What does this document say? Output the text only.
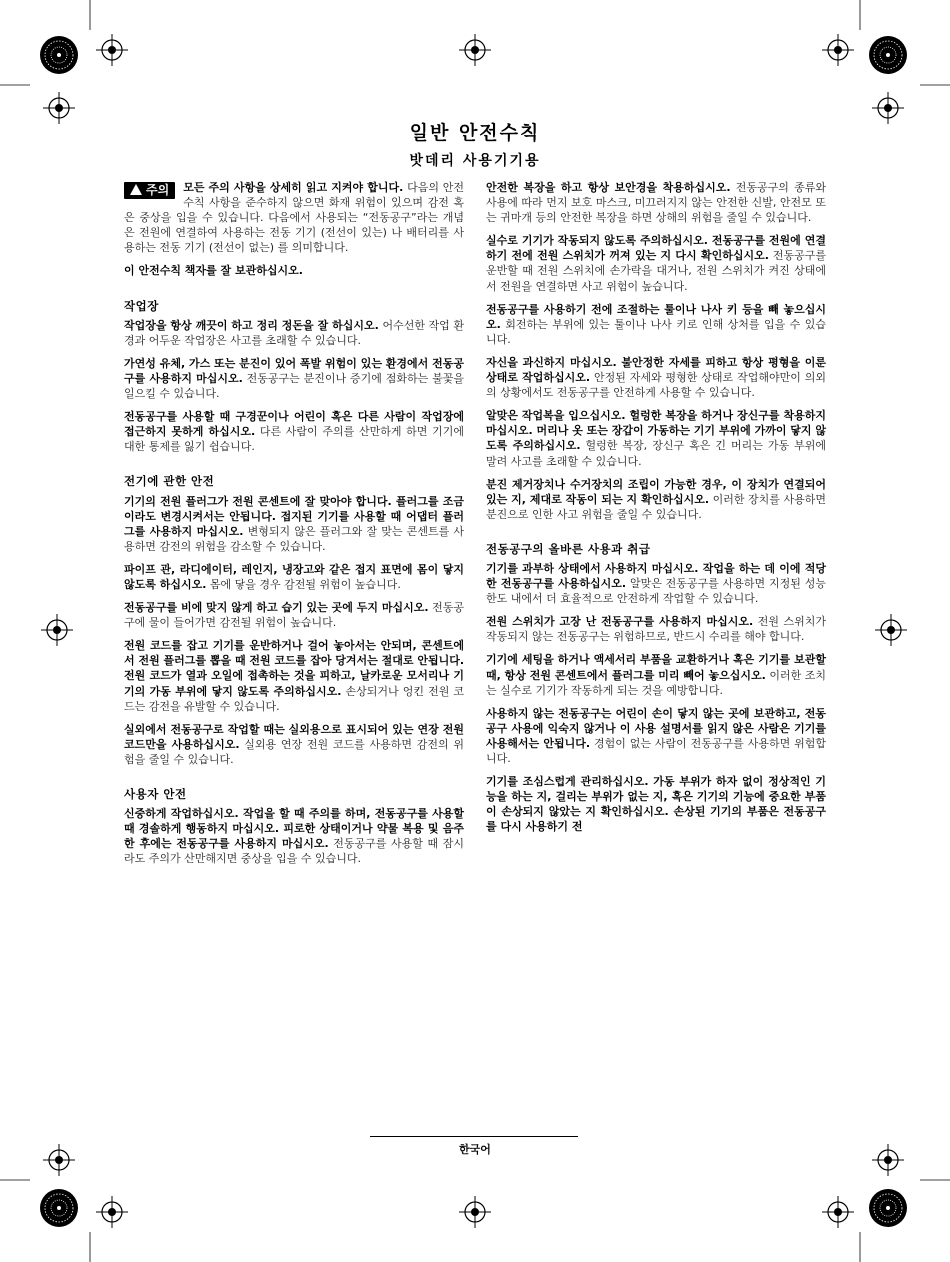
일반 안전수칙
밧데리 사용기기용

주의	모든 주의 사항을 상세히 읽고 지켜야 합니다. 다음의 안전수칙 사항을 준수하지 않으면 화재 위험이 있으며 감전 혹은 중상을 입을 수 있습니다. 다음에서 사용되는 “전동공구”라는 개념은 전원에 연결하여 사용하는 전동 기기 (전선이 있는) 나 배터리를 사용하는 전동 기기 (전선이 없는) 를 의미합니다.

이 안전수칙 책자를 잘 보관하십시오.

작업장

작업장을 항상 깨끗이 하고 정리 정돈을 잘 하십시오. 어수선한 작업 환경과 어두운 작업장은 사고를 초래할 수 있습니다.

가연성 유체, 가스 또는 분진이 있어 폭발 위험이 있는 환경에서 전동공구를 사용하지 마십시오. 전동공구는 분진이나 증기에 점화하는 불꽃을 일으킬 수 있습니다.

전동공구를 사용할 때 구경꾼이나 어린이 혹은 다른 사람이 작업장에 접근하지 못하게 하십시오. 다른 사람이 주의를 산만하게 하면 기기에 대한 통제를 잃기 쉽습니다.

전기에 관한 안전

기기의 전원 플러그가 전원 콘센트에 잘 맞아야 합니다. 플러그를 조금이라도 변경시켜서는 안됩니다. 접지된 기기를 사용할 때 어댑터 플러그를 사용하지 마십시오. 변형되지 않은 플러그와 잘 맞는 콘센트를 사용하면 감전의 위험을 감소할 수 있습니다.

파이프 관, 라디에이터, 레인지, 냉장고와 같은 접지 표면에 몸이 닿지 않도록 하십시오. 몸에 닿을 경우 감전될 위험이 높습니다.

전동공구를 비에 맞지 않게 하고 습기 있는 곳에 두지 마십시오. 전동공구에 물이 들어가면 감전될 위험이 높습니다.

전원 코드를 잡고 기기를 운반하거나 걸어 놓아서는 안되며, 콘센트에서 전원 플러그를 뽑을 때 전원 코드를 잡아 당겨서는 절대로 안됩니다. 전원 코드가 열과 오일에 접촉하는 것을 피하고, 날카로운 모서리나 기기의 가동 부위에 닿지 않도록 주의하십시오. 손상되거나 엉킨 전원 코드는 감전을 유발할 수 있습니다.

실외에서 전동공구로 작업할 때는 실외용으로 표시되어 있는 연장 전원 코드만을 사용하십시오. 실외용 연장 전원 코드를 사용하면 감전의 위험을 줄일 수 있습니다.

사용자 안전

신중하게 작업하십시오. 작업을 할 때 주의를 하며, 전동공구를 사용할 때 경솔하게 행동하지 마십시오. 피로한 상태이거나 약물 복용 및 음주한 후에는 전동공구를 사용하지 마십시오. 전동공구를 사용할 때 잠시라도 주의가 산만해지면 중상을 입을 수 있습니다.

안전한 복장을 하고 항상 보안경을 착용하십시오. 전동공구의 종류와 사용에 따라 먼지 보호 마스크, 미끄러지지 않는 안전한 신발, 안전모 또는 귀마개 등의 안전한 복장을 하면 상해의 위험을 줄일 수 있습니다.

실수로 기기가 작동되지 않도록 주의하십시오. 전동공구를 전원에 연결하기 전에 전원 스위치가 꺼져 있는 지 다시 확인하십시오. 전동공구를 운반할 때 전원 스위치에 손가락을 대거나, 전원 스위치가 켜진 상태에서 전원을 연결하면 사고 위험이 높습니다.

전동공구를 사용하기 전에 조절하는 툴이나 나사 키 등을 빼 놓으십시오. 회전하는 부위에 있는 툴이나 나사 키로 인해 상처를 입을 수 있습니다.

자신을 과신하지 마십시오. 불안정한 자세를 피하고 항상 평형을 이룬 상태로 작업하십시오. 안정된 자세와 평형한 상태로 작업해야만이 의외의 상황에서도 전동공구를 안전하게 사용할 수 있습니다.

알맞은 작업복을 입으십시오. 헐렁한 복장을 하거나 장신구를 착용하지 마십시오. 머리나 옷 또는 장갑이 가동하는 기기 부위에 가까이 닿지 않도록 주의하십시오. 헐렁한 복장, 장신구 혹은 긴 머리는 가동 부위에 말려 사고를 초래할 수 있습니다.

분진 제거장치나 수거장치의 조립이 가능한 경우, 이 장치가 연결되어 있는 지, 제대로 작동이 되는 지 확인하십시오. 이러한 장치를 사용하면 분진으로 인한 사고 위험을 줄일 수 있습니다.

전동공구의 올바른 사용과 취급

기기를 과부하 상태에서 사용하지 마십시오. 작업을 하는 데 이에 적당한 전동공구를 사용하십시오. 알맞은 전동공구를 사용하면 지정된 성능 한도 내에서 더 효율적으로 안전하게 작업할 수 있습니다.

전원 스위치가 고장 난 전동공구를 사용하지 마십시오. 전원 스위치가 작동되지 않는 전동공구는 위험하므로, 반드시 수리를 해야 합니다.

기기에 세팅을 하거나 액세서리 부품을 교환하거나 혹은 기기를 보관할 때, 항상 전원 콘센트에서 플러그를 미리 빼어 놓으십시오. 이러한 조치는 실수로 기기가 작동하게 되는 것을 예방합니다.

사용하지 않는 전동공구는 어린이 손이 닿지 않는 곳에 보관하고, 전동공구 사용에 익숙지 않거나 이 사용 설명서를 읽지 않은 사람은 기기를 사용해서는 안됩니다. 경험이 없는 사람이 전동공구를 사용하면 위험합니다.

기기를 조심스럽게 관리하십시오. 가동 부위가 하자 없이 정상적인 기능을 하는 지, 걸리는 부위가 없는 지, 혹은 기기의 기능에 중요한 부품이 손상되지 않았는 지 확인하십시오. 손상된 기기의 부품은 전동공구를 다시 사용하기 전

한국어
